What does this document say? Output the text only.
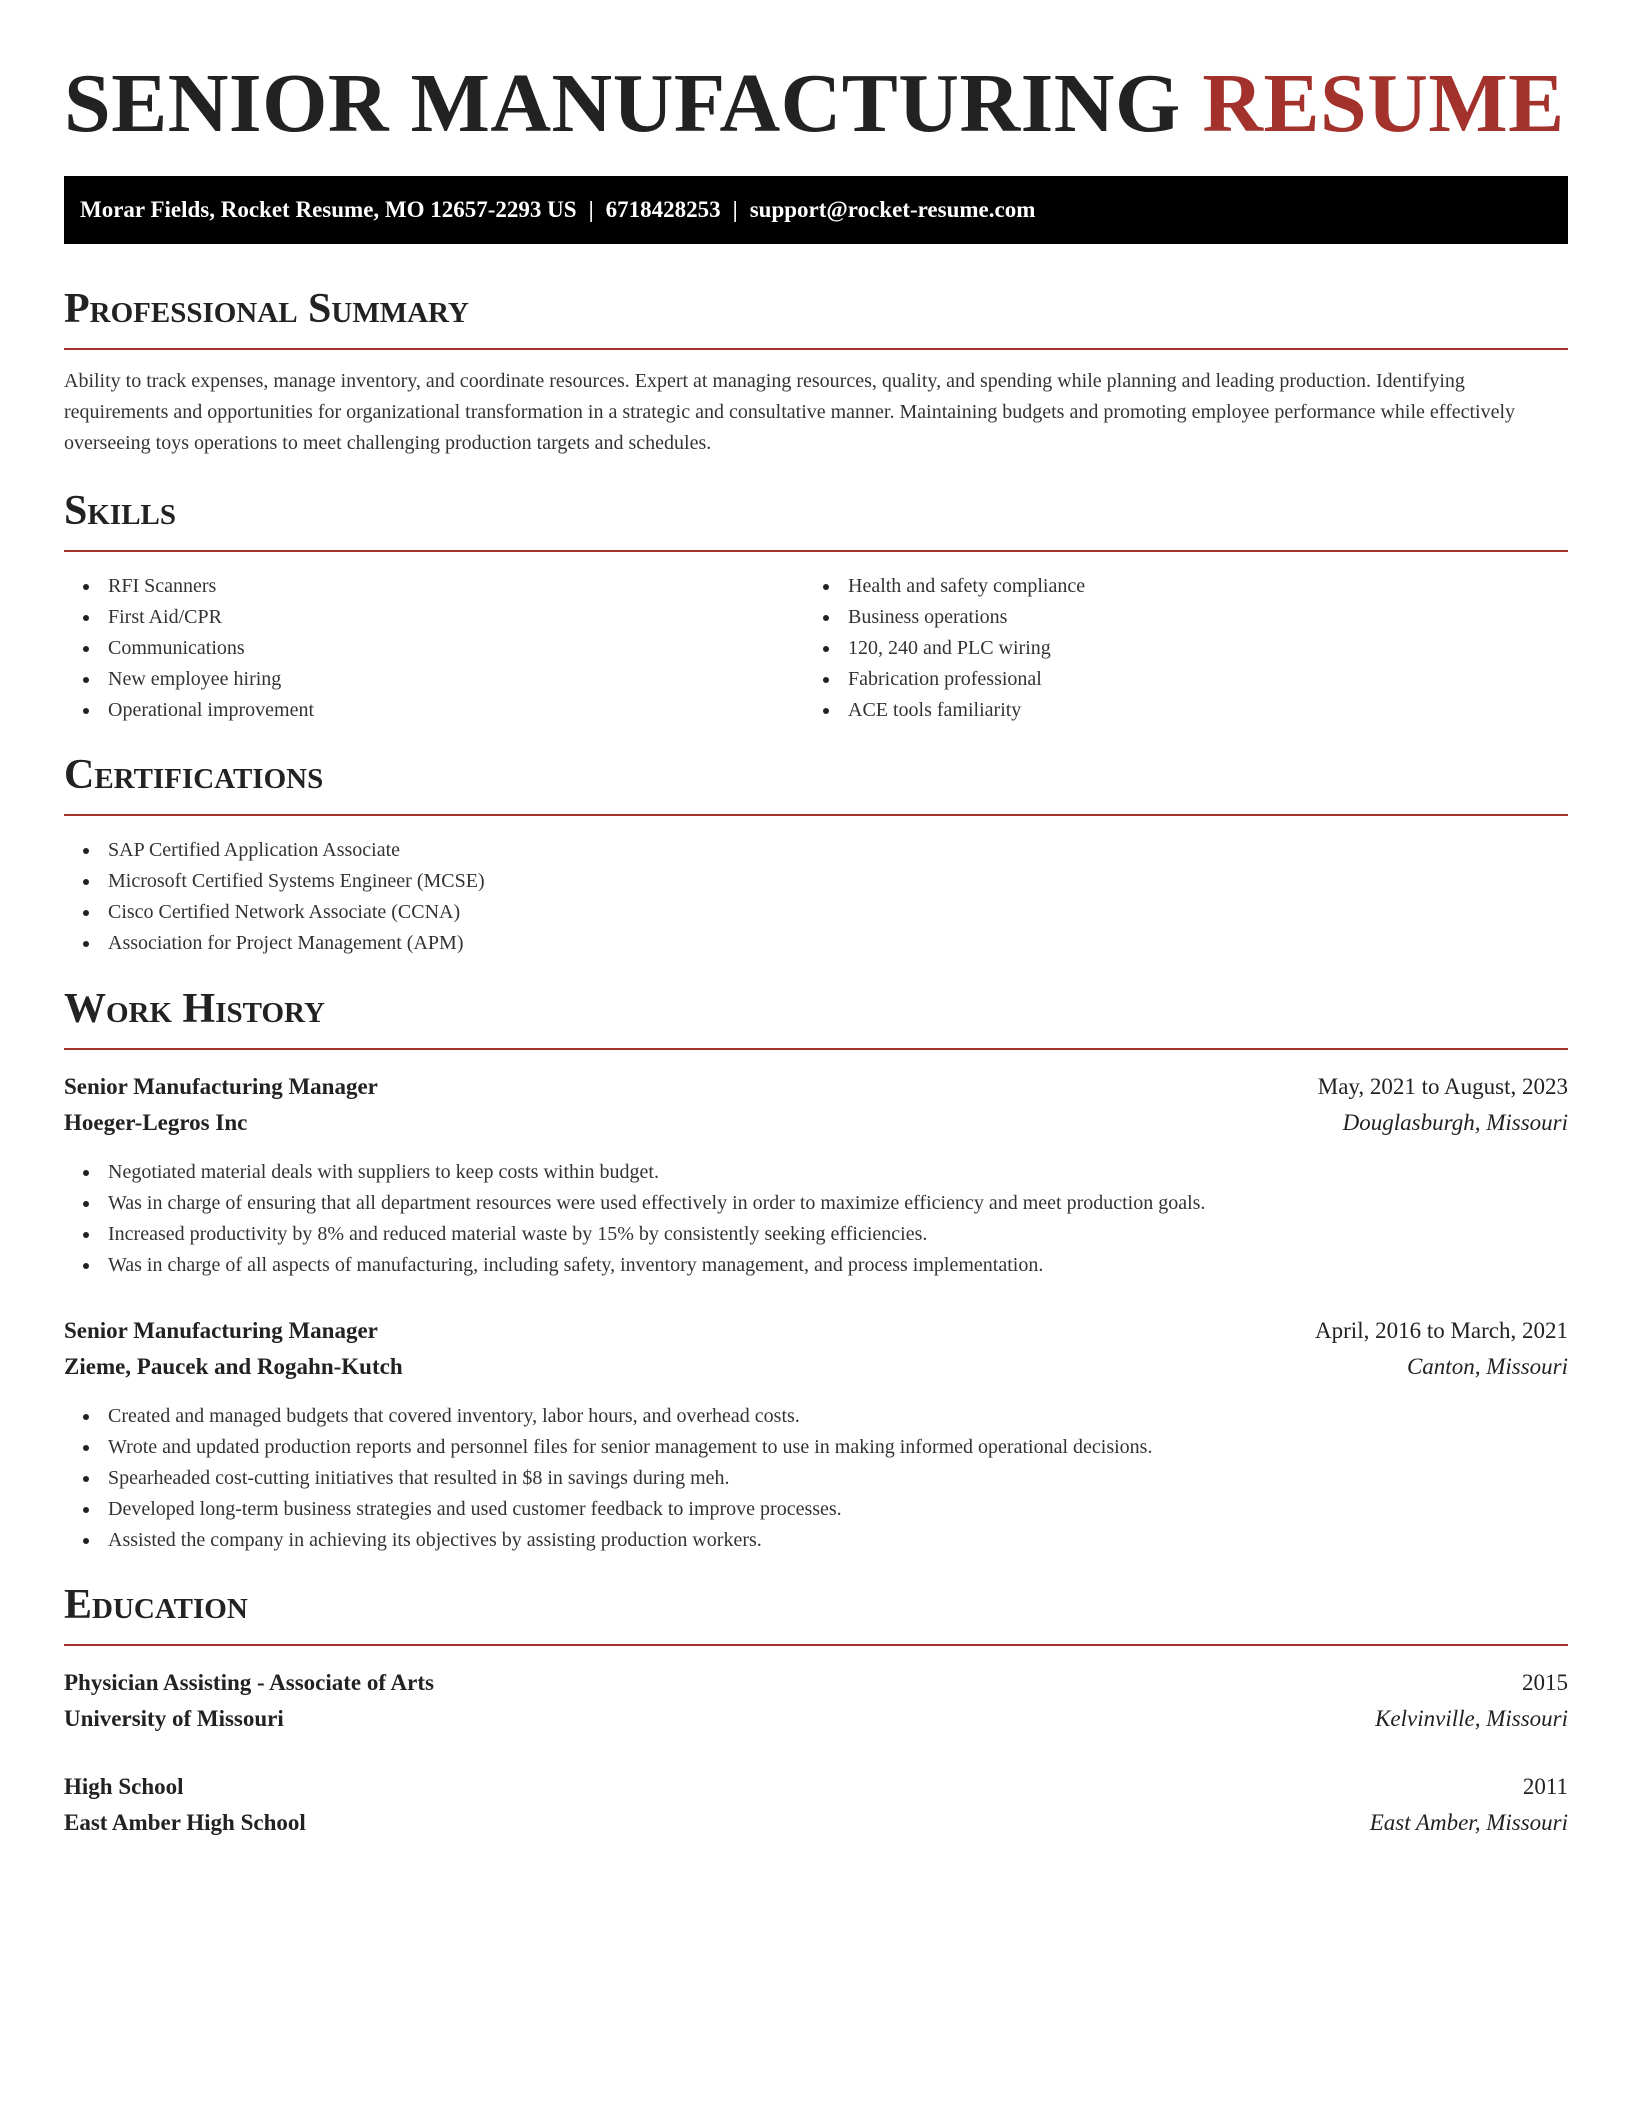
SENIOR MANUFACTURING RESUME
Morar Fields, Rocket Resume, MO 12657-2293 US | 6718428253 | support@rocket-resume.com
Professional Summary

Ability to track expenses, manage inventory, and coordinate resources. Expert at managing resources, quality, and spending while planning and leading production. Identifying requirements and opportunities for organizational transformation in a strategic and consultative manner. Maintaining budgets and promoting employee performance while effectively overseeing toys operations to meet challenging production targets and schedules.

Skills
RFI Scanners
First Aid/CPR
Communications
New employee hiring
Operational improvement
Health and safety compliance
Business operations
120, 240 and PLC wiring
Fabrication professional
ACE tools familiarity
Certifications
SAP Certified Application Associate
Microsoft Certified Systems Engineer (MCSE)
Cisco Certified Network Associate (CCNA)
Association for Project Management (APM)
Work History
Senior Manufacturing Manager	May, 2021 to August, 2023
Hoeger-Legros Inc	Douglasburgh, Missouri
Negotiated material deals with suppliers to keep costs within budget.
Was in charge of ensuring that all department resources were used effectively in order to maximize efficiency and meet production goals.
Increased productivity by 8% and reduced material waste by 15% by consistently seeking efficiencies.
Was in charge of all aspects of manufacturing, including safety, inventory management, and process implementation.
Senior Manufacturing Manager	April, 2016 to March, 2021
Zieme, Paucek and Rogahn-Kutch	Canton, Missouri
Created and managed budgets that covered inventory, labor hours, and overhead costs.
Wrote and updated production reports and personnel files for senior management to use in making informed operational decisions.
Spearheaded cost-cutting initiatives that resulted in $8 in savings during meh.
Developed long-term business strategies and used customer feedback to improve processes.
Assisted the company in achieving its objectives by assisting production workers.
Education
Physician Assisting - Associate of Arts	2015
University of Missouri	Kelvinville, Missouri
High School	2011
East Amber High School	East Amber, Missouri
